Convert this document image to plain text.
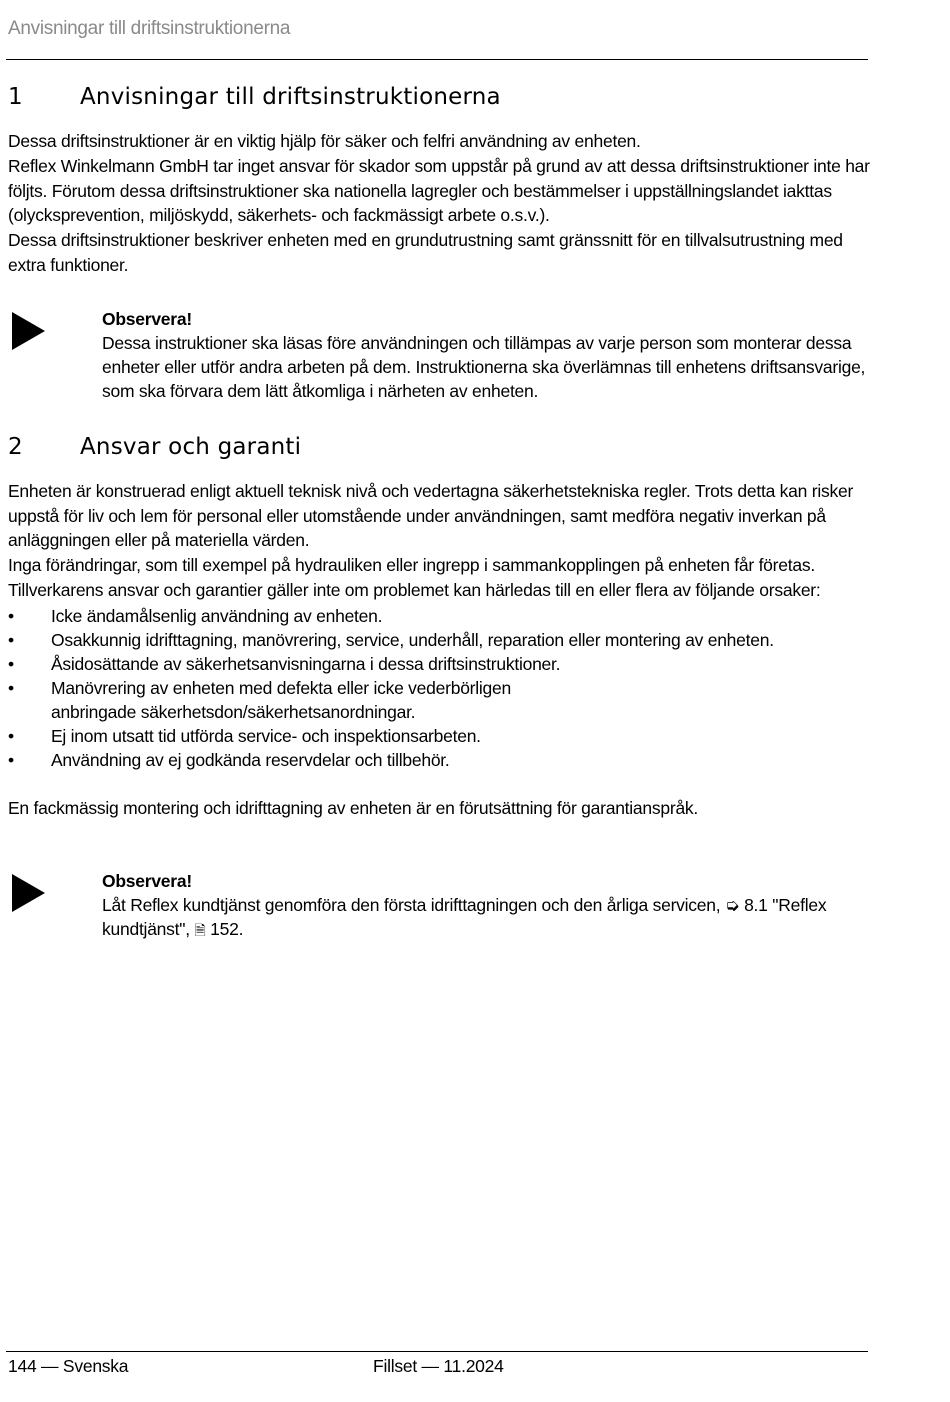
Anvisningar till driftsinstruktionerna
1 Anvisningar till driftsinstruktionerna

Dessa driftsinstruktioner är en viktig hjälp för säker och felfri användning av enheten.

Reflex Winkelmann GmbH tar inget ansvar för skador som uppstår på grund av att dessa driftsinstruktioner inte har följts. Förutom dessa driftsinstruktioner ska nationella lagregler och bestämmelser i uppställningslandet iakttas (olycksprevention, miljöskydd, säkerhets- och fackmässigt arbete o.s.v.).

Dessa driftsinstruktioner beskriver enheten med en grundutrustning samt gränssnitt för en tillvalsutrustning med extra funktioner.

Observera!
Dessa instruktioner ska läsas före användningen och tillämpas av varje person som monterar dessa enheter eller utför andra arbeten på dem. Instruktionerna ska överlämnas till enhetens driftsansvarige, som ska förvara dem lätt åtkomliga i närheten av enheten.
2 Ansvar och garanti

Enheten är konstruerad enligt aktuell teknisk nivå och vedertagna säkerhetstekniska regler. Trots detta kan risker uppstå för liv och lem för personal eller utomstående under användningen, samt medföra negativ inverkan på anläggningen eller på materiella värden.

Inga förändringar, som till exempel på hydrauliken eller ingrepp i sammankopplingen på enheten får företas.

Tillverkarens ansvar och garantier gäller inte om problemet kan härledas till en eller flera av följande orsaker:

• Icke ändamålsenlig användning av enheten.
• Osakkunnig idrifttagning, manövrering, service, underhåll, reparation eller montering av enheten.
• Åsidosättande av säkerhetsanvisningarna i dessa driftsinstruktioner.
• Manövrering av enheten med defekta eller icke vederbörligen anbringade säkerhetsdon/säkerhetsanordningar.
• Ej inom utsatt tid utförda service- och inspektionsarbeten.
• Användning av ej godkända reservdelar och tillbehör.

En fackmässig montering och idrifttagning av enheten är en förutsättning för garantianspråk.

Observera!
Låt Reflex kundtjänst genomföra den första idrifttagningen och den årliga servicen, ➭ 8.1 "Reflex kundtjänst", 🗎 152.
144 — Svenska	Fillset — 11.2024
